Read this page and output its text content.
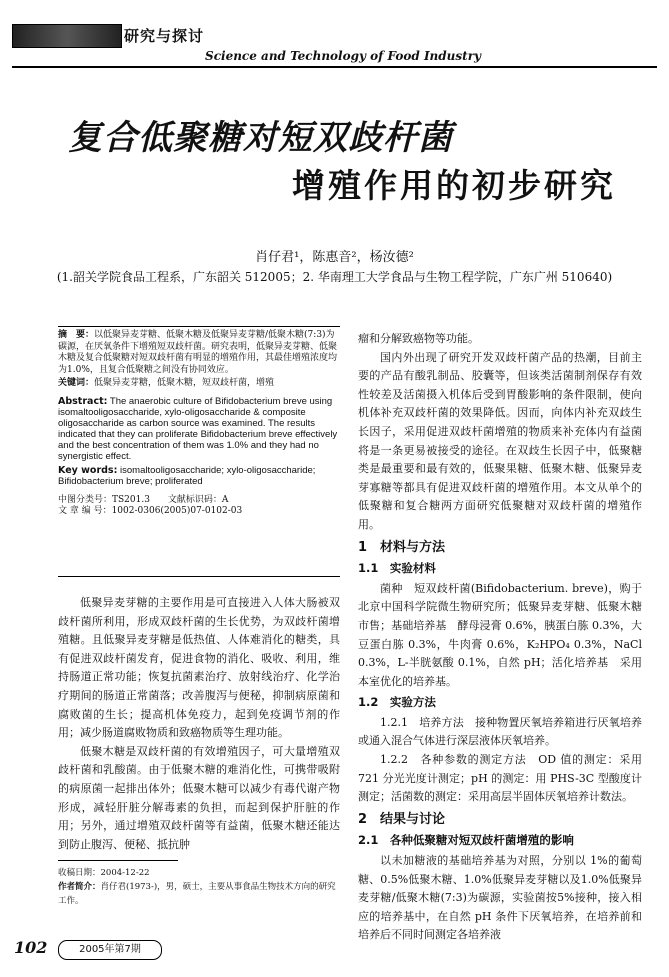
研究与探讨
Science and Technology of Food Industry
复合低聚糖对短双歧杆菌
增殖作用的初步研究
肖仔君¹，陈惠音²，杨汝德²
(1.韶关学院食品工程系，广东韶关 512005；2. 华南理工大学食品与生物工程学院，广东广州 510640)
摘　要：以低聚异麦芽糖、低聚木糖及低聚异麦芽糖/低聚木糖(7:3)为碳源，在厌氧条件下增殖短双歧杆菌。研究表明，低聚异麦芽糖、低聚木糖及复合低聚糖对短双歧杆菌有明显的增殖作用，其最佳增殖浓度均为1.0%，且复合低聚糖之间没有协同效应。
关键词：低聚异麦芽糖，低聚木糖，短双歧杆菌，增殖
Abstract: The anaerobic culture of Bifidobacterium breve using isomaltooligosaccharide, xylo-oligosaccharide & composite oligosaccharide as carbon source was examined. The results indicated that they can proliferate Bifidobacterium breve effectively and the best concentration of them was 1.0% and they had no synergistic effect.
Key words: isomaltooligosaccharide; xylo-oligosaccharide; Bifidobacterium breve; proliferated
中图分类号：TS201.3　　文献标识码：A
文 章 编 号：1002-0306(2005)07-0102-03

低聚异麦芽糖的主要作用是可直接进入人体大肠被双歧杆菌所利用，形成双歧杆菌的生长优势，为双歧杆菌增殖糖。且低聚异麦芽糖是低热值、人体难消化的糖类，具有促进双歧杆菌发育，促进食物的消化、吸收、利用，维持肠道正常功能；恢复抗菌素治疗、放射线治疗、化学治疗期间的肠道正常菌落；改善腹泻与便秘，抑制病原菌和腐败菌的生长；提高机体免疫力，起到免疫调节剂的作用；减少肠道腐败物质和致癌物质等生理功能。

低聚木糖是双歧杆菌的有效增殖因子，可大量增殖双歧杆菌和乳酸菌。由于低聚木糖的难消化性，可携带吸附的病原菌一起排出体外；低聚木糖可以减少有毒代谢产物形成，减轻肝脏分解毒素的负担，而起到保护肝脏的作用；另外，通过增殖双歧杆菌等有益菌，低聚木糖还能达到防止腹泻、便秘、抵抗肿

收稿日期：2004-12-22
作者简介：肖仔君(1973-)，男，硕士，主要从事食品生物技术方向的研究工作。
瘤和分解致癌物等功能。

国内外出现了研究开发双歧杆菌产品的热潮，目前主要的产品有酸乳制品、胶囊等，但该类活菌制剂保存有效性较差及活菌摄入机体后受到胃酸影响的条件限制，使向机体补充双歧杆菌的效果降低。因而，向体内补充双歧生长因子，采用促进双歧杆菌增殖的物质来补充体内有益菌将是一条更易被接受的途径。在双歧生长因子中，低聚糖类是最重要和最有效的，低聚果糖、低聚木糖、低聚异麦芽寡糖等都具有促进双歧杆菌的增殖作用。本文从单个的低聚糖和复合糖两方面研究低聚糖对双歧杆菌的增殖作用。

1　材料与方法
1.1　实验材料

菌种　短双歧杆菌(Bifidobacterium. breve)，购于北京中国科学院微生物研究所；低聚异麦芽糖、低聚木糖　市售；基础培养基　酵母浸膏 0.6%，胰蛋白胨 0.3%，大豆蛋白胨 0.3%，牛肉膏 0.6%，K₂HPO₄ 0.3%，NaCl 0.3%，L-半胱氨酸 0.1%，自然 pH；活化培养基　采用本室优化的培养基。

1.2　实验方法

1.2.1　培养方法　接种物置厌氧培养箱进行厌氧培养或通入混合气体进行深层液体厌氧培养。

1.2.2　各种参数的测定方法　OD 值的测定：采用721 分光光度计测定；pH 的测定：用 PHS-3C 型酸度计测定；活菌数的测定：采用高层半固体厌氧培养计数法。

2　结果与讨论
2.1　各种低聚糖对短双歧杆菌增殖的影响

以未加糖液的基础培养基为对照，分别以 1%的葡萄糖、0.5%低聚木糖、1.0%低聚异麦芽糖以及1.0%低聚异麦芽糖/低聚木糖(7:3)为碳源，实验菌按5%接种，接入相应的培养基中，在自然 pH 条件下厌氧培养，在培养前和培养后不同时间测定各培养液

102	2005年第7期
